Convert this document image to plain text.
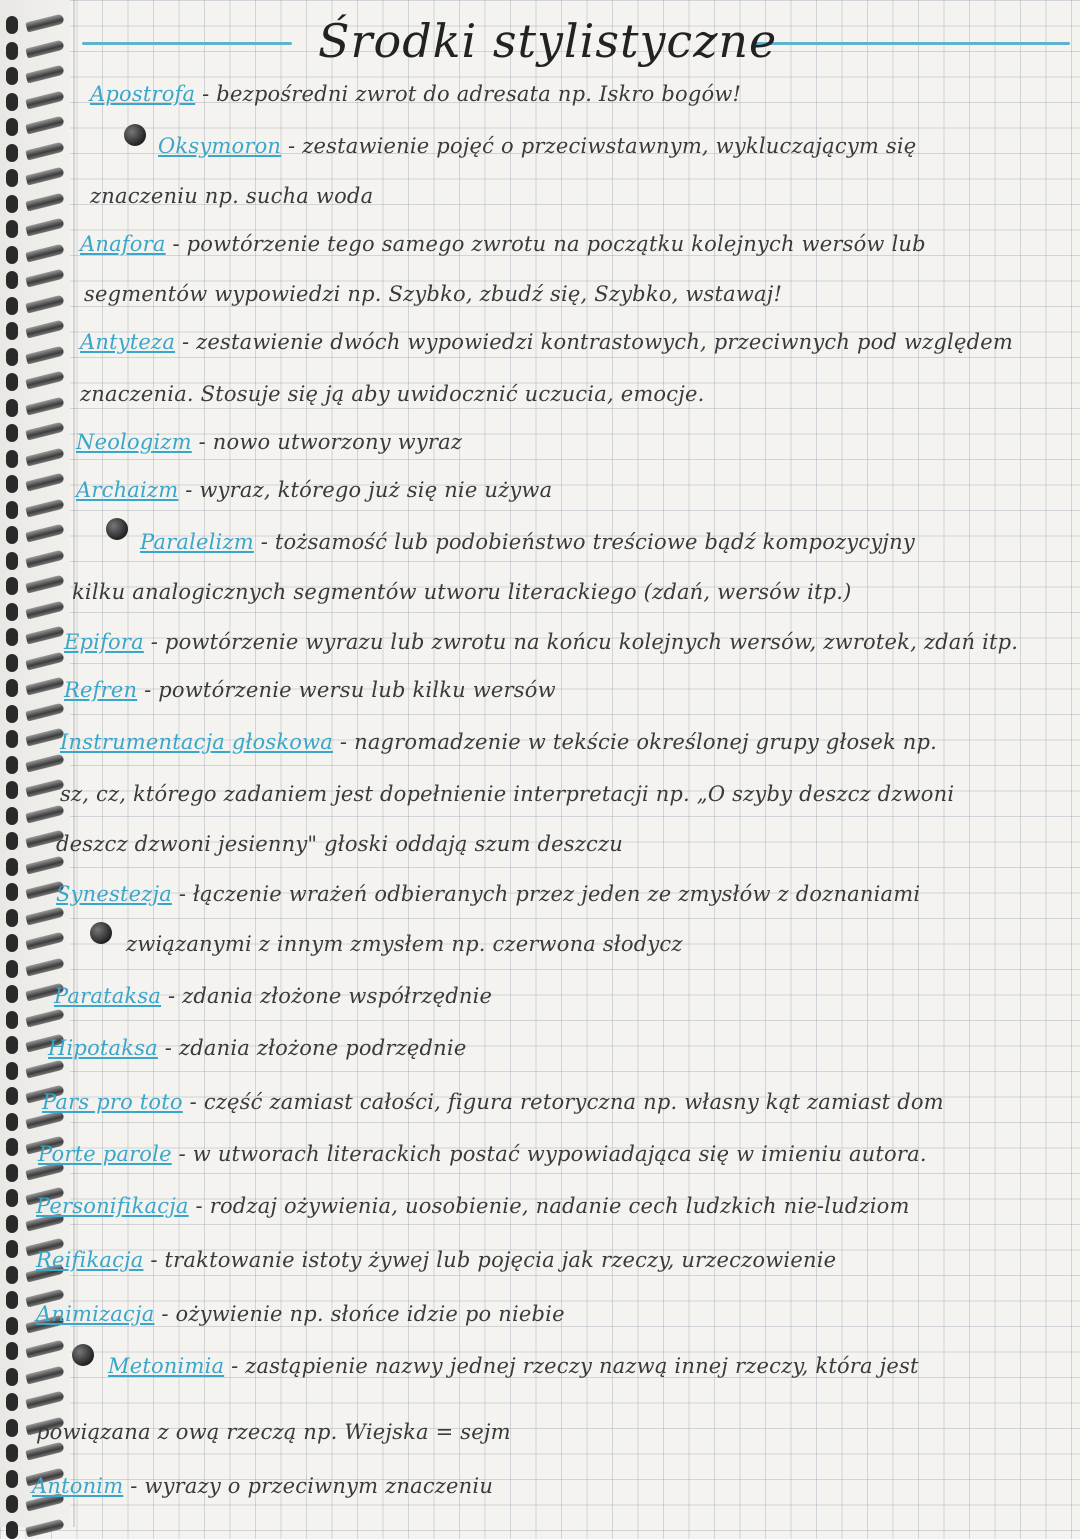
Środki stylistyczne
Apostrofa - bezpośredni zwrot do adresata np. Iskro bogów!
Oksymoron - zestawienie pojęć o przeciwstawnym, wykluczającym się
znaczeniu np. sucha woda
Anafora - powtórzenie tego samego zwrotu na początku kolejnych wersów lub
segmentów wypowiedzi np. Szybko, zbudź się, Szybko, wstawaj!
Antyteza - zestawienie dwóch wypowiedzi kontrastowych, przeciwnych pod względem
znaczenia. Stosuje się ją aby uwidocznić uczucia, emocje.
Neologizm - nowo utworzony wyraz
Archaizm - wyraz, którego już się nie używa
Paralelizm - tożsamość lub podobieństwo treściowe bądź kompozycyjny
kilku analogicznych segmentów utworu literackiego (zdań, wersów itp.)
Epifora - powtórzenie wyrazu lub zwrotu na końcu kolejnych wersów, zwrotek, zdań itp.
Refren - powtórzenie wersu lub kilku wersów
Instrumentacja głoskowa - nagromadzenie w tekście określonej grupy głosek np.
sz, cz, którego zadaniem jest dopełnienie interpretacji np. „O szyby deszcz dzwoni
deszcz dzwoni jesienny" głoski oddają szum deszczu
Synestezja - łączenie wrażeń odbieranych przez jeden ze zmysłów z doznaniami
związanymi z innym zmysłem np. czerwona słodycz
Parataksa - zdania złożone współrzędnie
Hipotaksa - zdania złożone podrzędnie
Pars pro toto - część zamiast całości, figura retoryczna np. własny kąt zamiast dom
Porte parole - w utworach literackich postać wypowiadająca się w imieniu autora.
Personifikacja - rodzaj ożywienia, uosobienie, nadanie cech ludzkich nie-ludziom
Reifikacja - traktowanie istoty żywej lub pojęcia jak rzeczy, urzeczowienie
Animizacja - ożywienie np. słońce idzie po niebie
Metonimia - zastąpienie nazwy jednej rzeczy nazwą innej rzeczy, która jest
powiązana z ową rzeczą np. Wiejska = sejm
Antonim - wyrazy o przeciwnym znaczeniu
